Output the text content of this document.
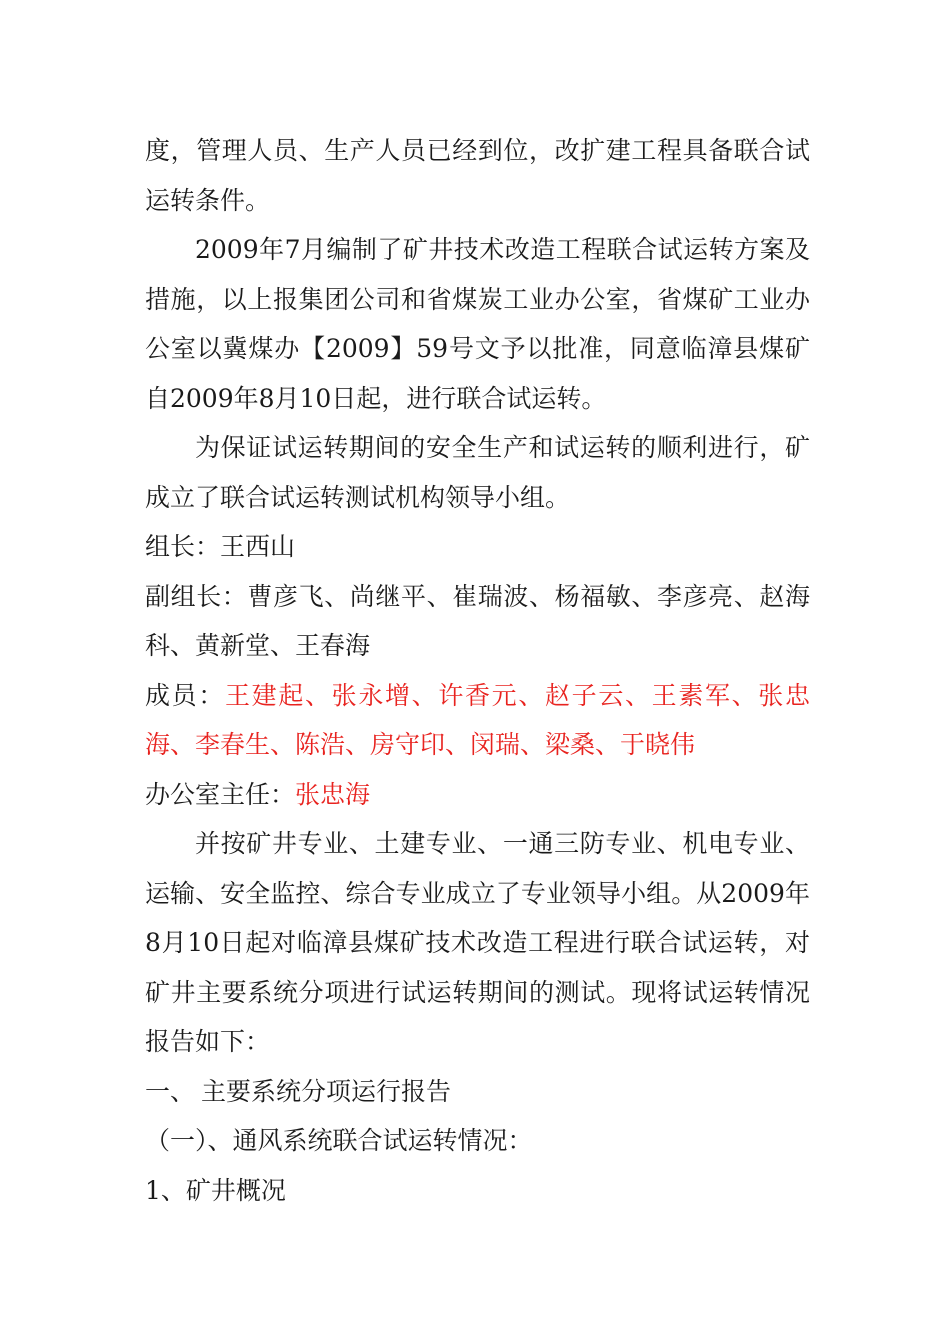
度，管理人员、生产人员已经到位，改扩建工程具备联合试运转条件。

2009年7月编制了矿井技术改造工程联合试运转方案及措施，以上报集团公司和省煤炭工业办公室，省煤矿工业办公室以冀煤办【2009】59号文予以批准，同意临漳县煤矿自2009年8月10日起，进行联合试运转。

为保证试运转期间的安全生产和试运转的顺利进行，矿成立了联合试运转测试机构领导小组。

组长：王西山

副组长：曹彦飞、尚继平、崔瑞波、杨福敏、李彦亮、赵海科、黄新堂、王春海

成员：王建起、张永增、许香元、赵子云、王素军、张忠海、李春生、陈浩、房守印、闵瑞、梁桑、于晓伟

办公室主任：张忠海

并按矿井专业、土建专业、一通三防专业、机电专业、运输、安全监控、综合专业成立了专业领导小组。从2009年8月10日起对临漳县煤矿技术改造工程进行联合试运转，对矿井主要系统分项进行试运转期间的测试。现将试运转情况报告如下：

一、 主要系统分项运行报告

（一）、通风系统联合试运转情况：

1、矿井概况
